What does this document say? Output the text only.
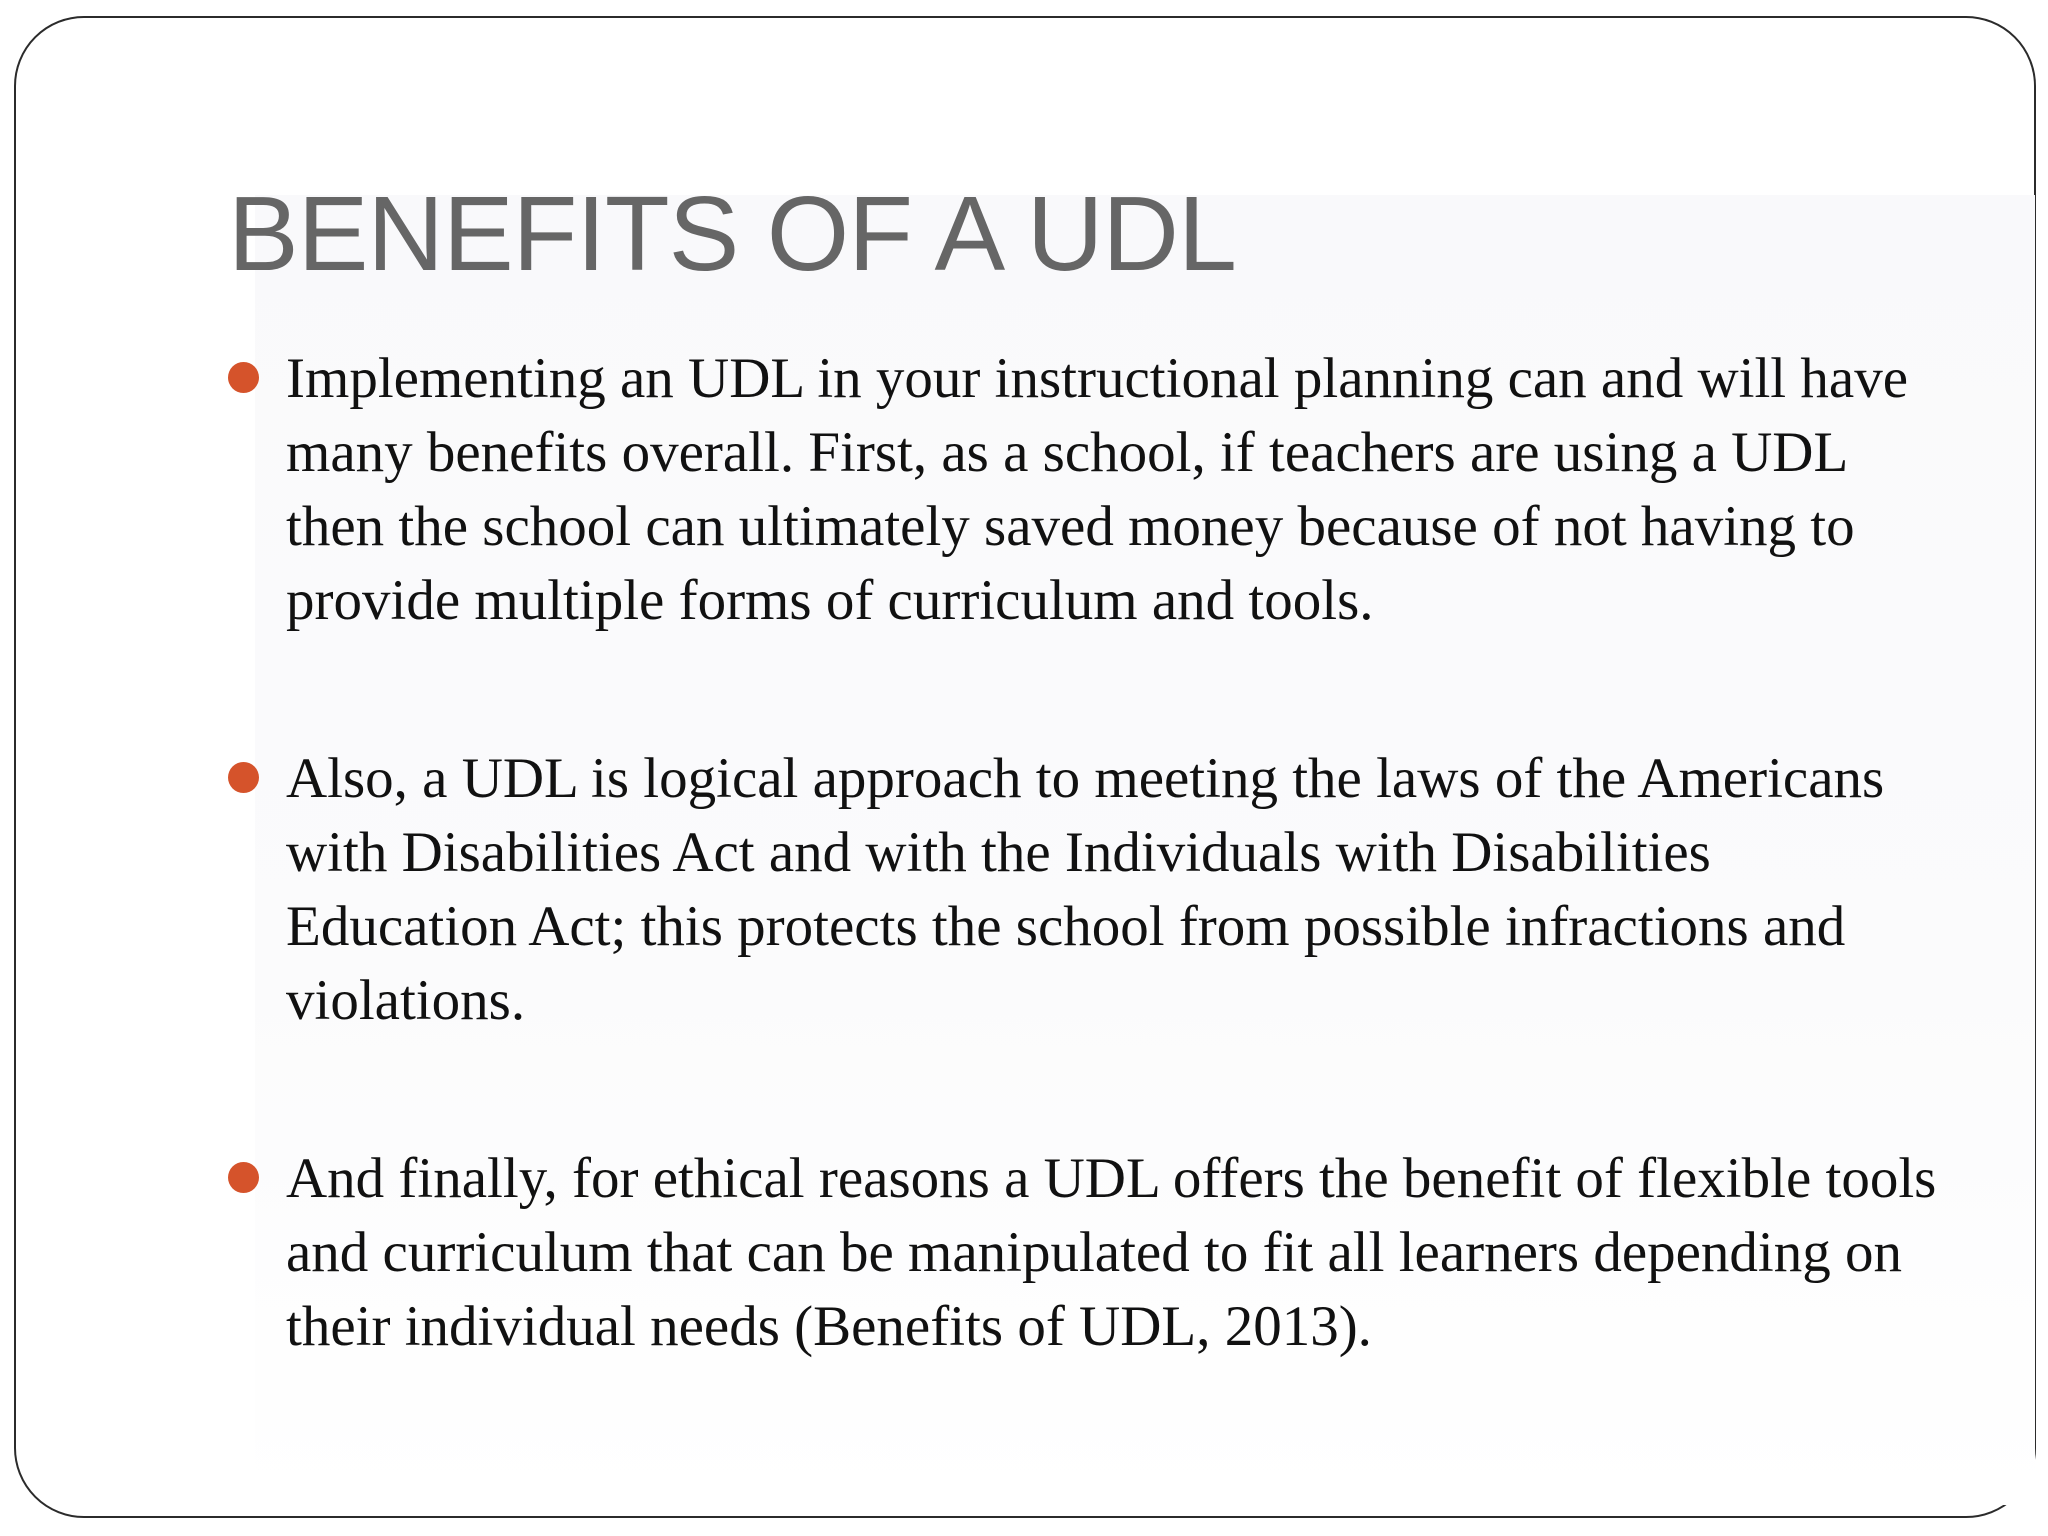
BENEFITS OF A UDL
Implementing an UDL in your instructional planning can and will have many benefits overall. First, as a school, if teachers are using a UDL then the school can ultimately saved money because of not having to provide multiple forms of curriculum and tools.
Also, a UDL is logical approach to meeting the laws of the Americans with Disabilities Act and with the Individuals with Disabilities Education Act; this protects the school from possible infractions and violations.
And finally, for ethical reasons a UDL offers the benefit of flexible tools and curriculum that can be manipulated to fit all learners depending on their individual needs (Benefits of UDL, 2013).
